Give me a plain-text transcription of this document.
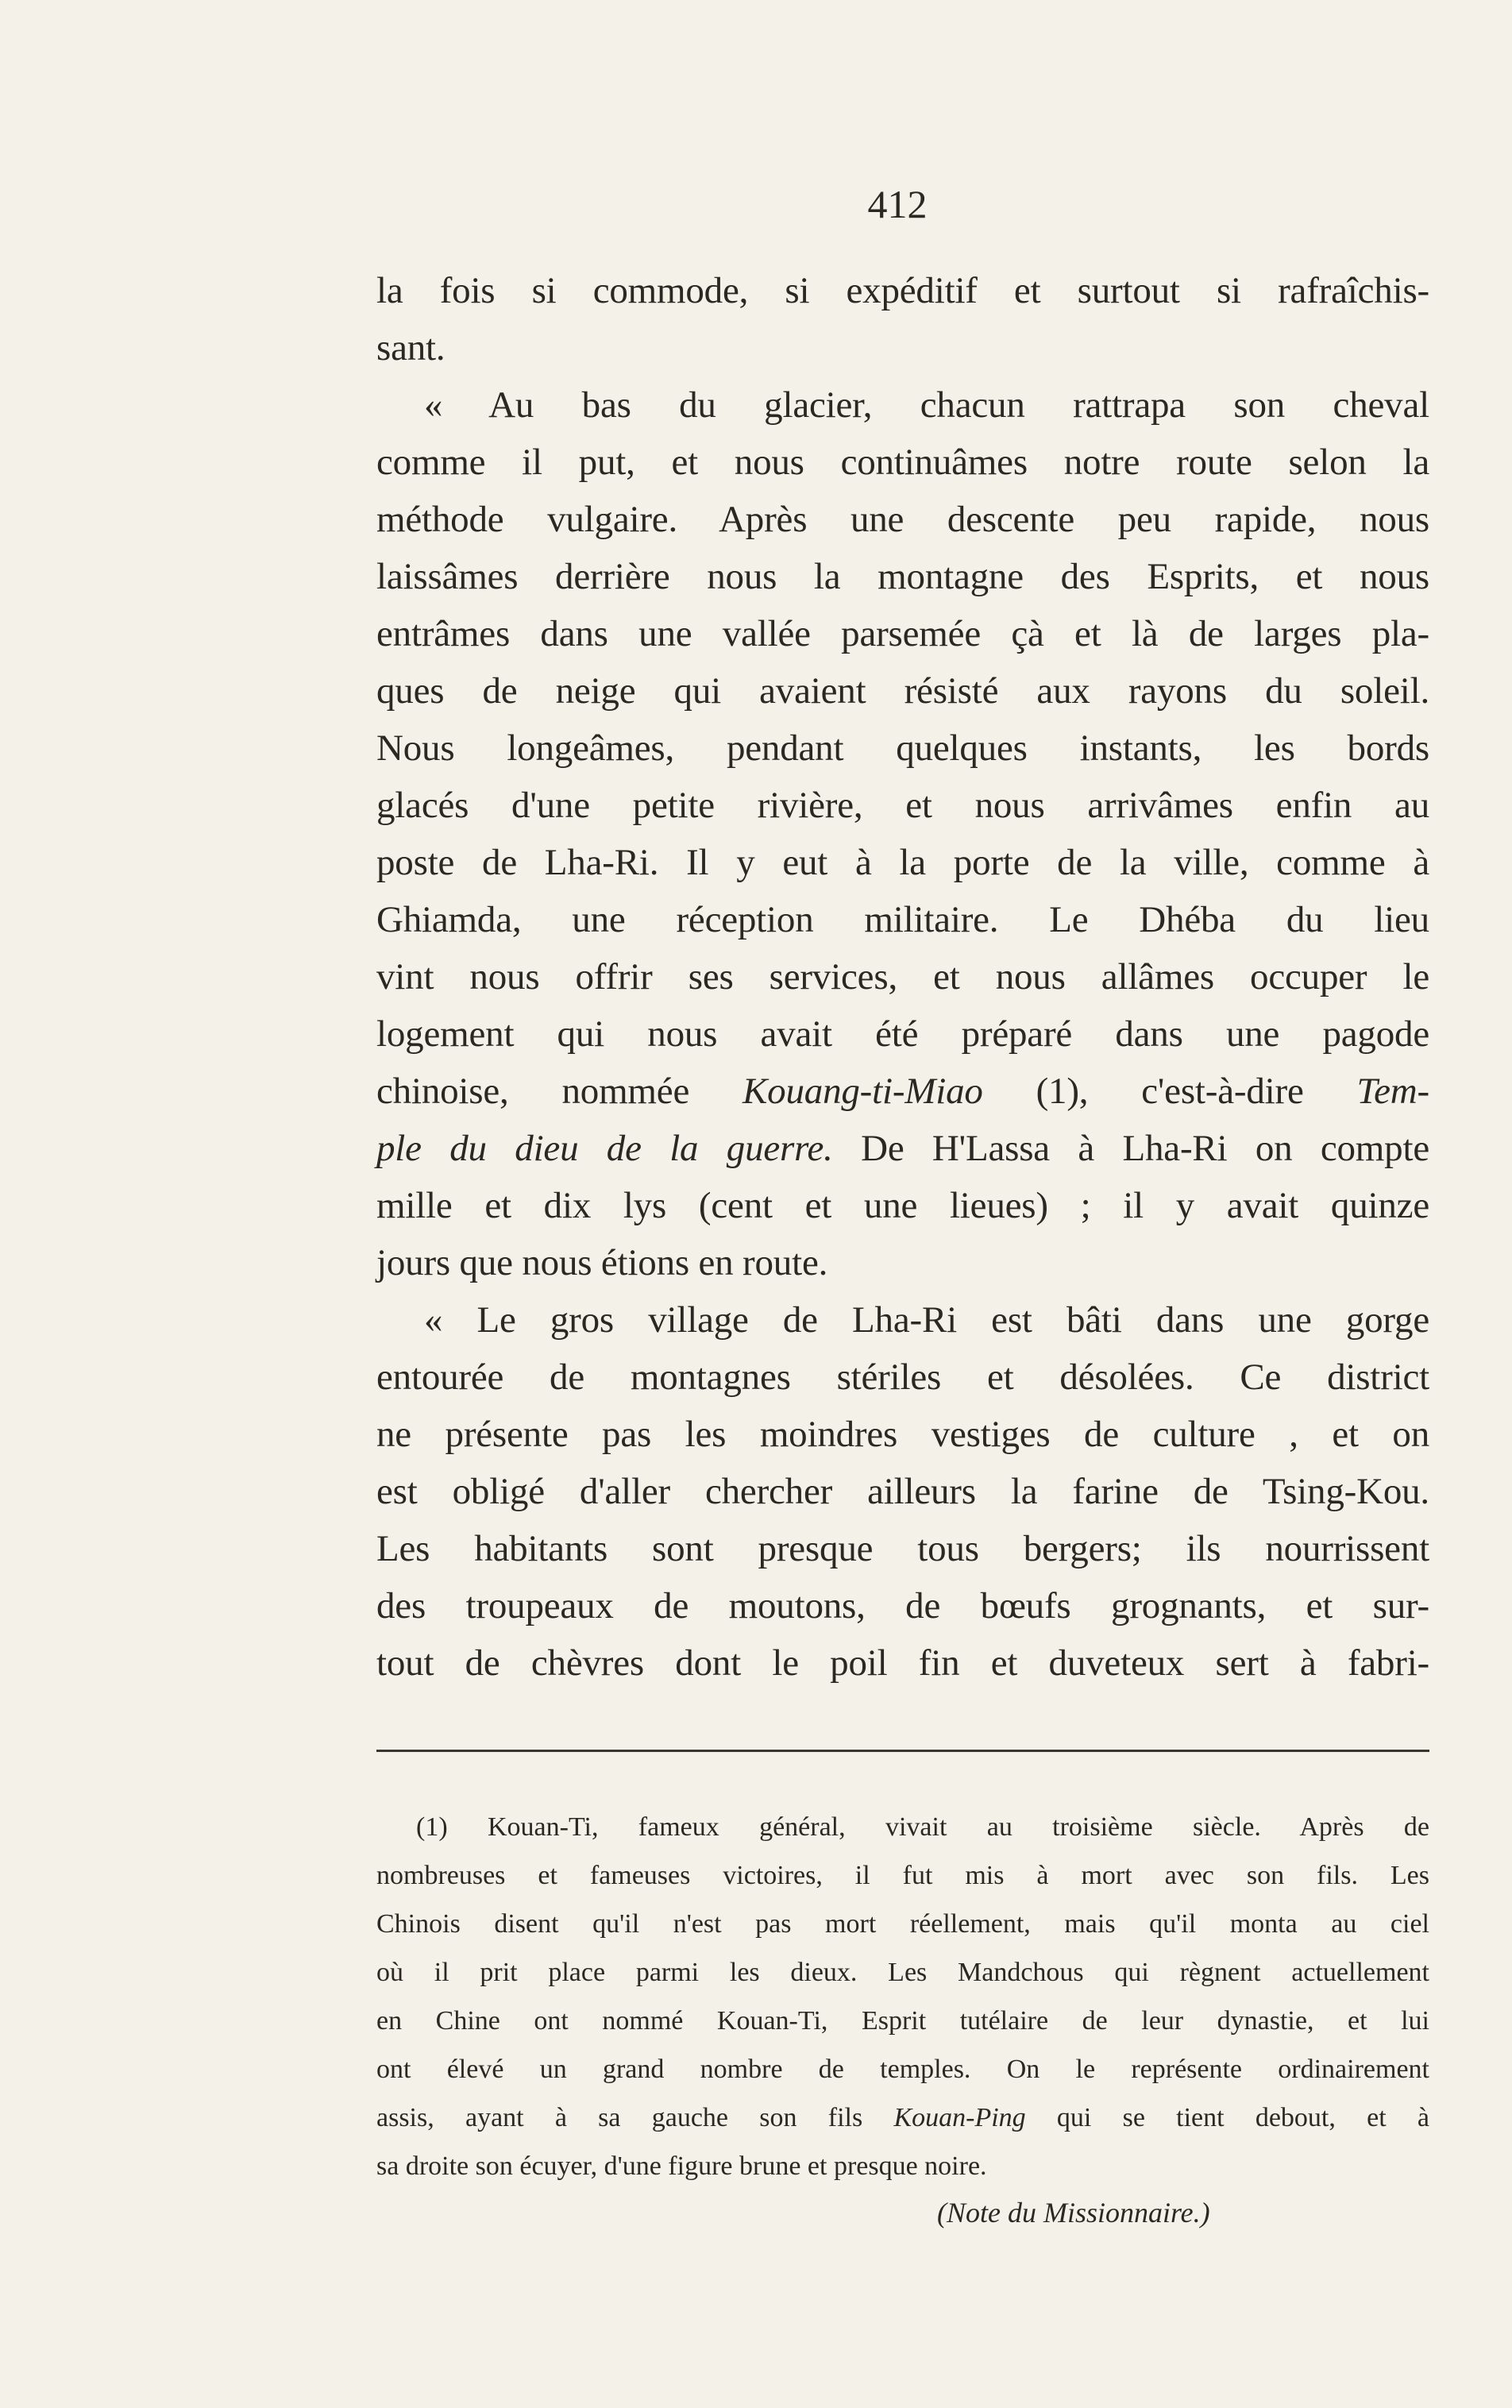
412
la fois si commode, si expéditif et surtout si rafraîchis-
sant.
« Au bas du glacier, chacun rattrapa son cheval
comme il put, et nous continuâmes notre route selon la
méthode vulgaire. Après une descente peu rapide, nous
laissâmes derrière nous la montagne des Esprits, et nous
entrâmes dans une vallée parsemée çà et là de larges pla-
ques de neige qui avaient résisté aux rayons du soleil.
Nous longeâmes, pendant quelques instants, les bords
glacés d'une petite rivière, et nous arrivâmes enfin au
poste de Lha-Ri. Il y eut à la porte de la ville, comme à
Ghiamda, une réception militaire. Le Dhéba du lieu
vint nous offrir ses services, et nous allâmes occuper le
logement qui nous avait été préparé dans une pagode
chinoise, nommée Kouang-ti-Miao (1), c'est-à-dire Tem-
ple du dieu de la guerre. De H'Lassa à Lha-Ri on compte
mille et dix lys (cent et une lieues) ; il y avait quinze
jours que nous étions en route.
« Le gros village de Lha-Ri est bâti dans une gorge
entourée de montagnes stériles et désolées. Ce district
ne présente pas les moindres vestiges de culture , et on
est obligé d'aller chercher ailleurs la farine de Tsing-Kou.
Les habitants sont presque tous bergers; ils nourrissent
des troupeaux de moutons, de bœufs grognants, et sur-
tout de chèvres dont le poil fin et duveteux sert à fabri-
(1) Kouan-Ti, fameux général, vivait au troisième siècle. Après de
nombreuses et fameuses victoires, il fut mis à mort avec son fils. Les
Chinois disent qu'il n'est pas mort réellement, mais qu'il monta au ciel
où il prit place parmi les dieux. Les Mandchous qui règnent actuellement
en Chine ont nommé Kouan-Ti, Esprit tutélaire de leur dynastie, et lui
ont élevé un grand nombre de temples. On le représente ordinairement
assis, ayant à sa gauche son fils Kouan-Ping qui se tient debout, et à
sa droite son écuyer, d'une figure brune et presque noire.
(Note du Missionnaire.)
